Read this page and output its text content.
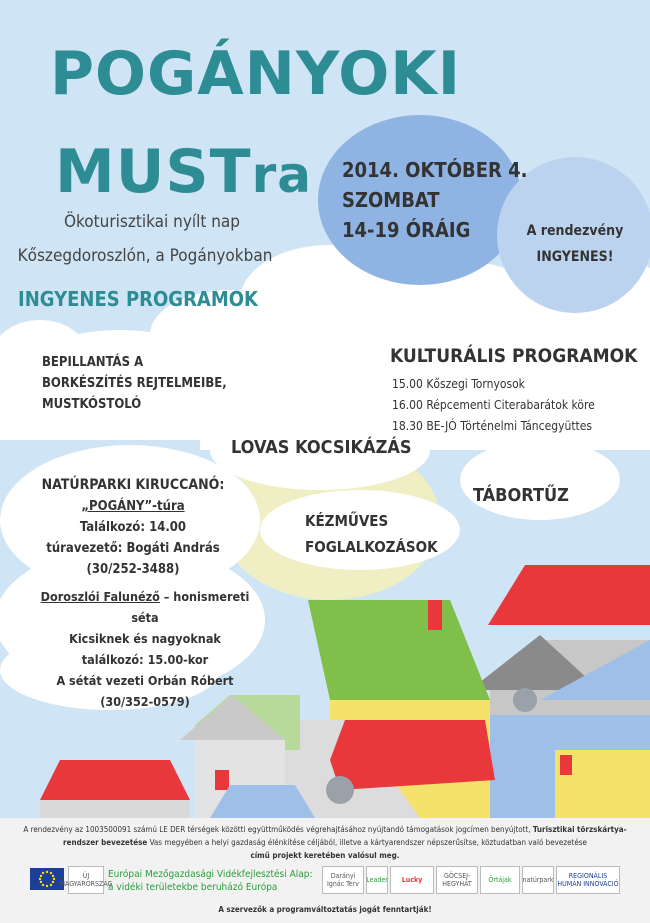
POGÁNYOKI
MUSTra
Ökoturisztikai nyílt nap
Kőszegdoroszlón, a Pogányokban
INGYENES PROGRAMOK
2014. OKTÓBER 4.
SZOMBAT
14-19 ÓRÁIG	A rendezvény
INGYENES!
BEPILLANTÁS A
BORKÉSZÍTÉS REJTELMEIBE,
MUSTKÓSTOLÓ
KULTURÁLIS PROGRAMOK
15.00 Kőszegi Tornyosok
16.00 Répcementi Citerabarátok köre
18.30 BE-JÓ Történelmi Táncegyüttes
LOVAS KOCSIKÁZÁS
TÁBORTŰZ
KÉZMŰVES
FOGLALKOZÁSOK
NATÚRPARKI KIRUCCANÓ:
„POGÁNY”-túra
Találkozó: 14.00
túravezető: Bogáti András
(30/252-3488)
Doroszlói Falunéző – honismereti séta
Kicsiknek és nagyoknak
találkozó: 15.00-kor
A sétát vezeti Orbán Róbert
(30/352-0579)
A rendezvény az 1003500091 számú LE DER térségek közötti együttműködés végrehajtásához nyújtandó támogatások jogcímen benyújtott, Turisztikai törzskártya-
rendszer bevezetése Vas megyében a helyi gazdaság élénkítése céljából, illetve a kártyarendszer népszerűsítse, köztudatban való bevezetése
című projekt keretében valósul meg.
ÚJ MAGYARORSZÁG
Európai Mezőgazdasági Vidékfejlesztési Alap:
a vidéki területekbe beruházó Európa
Darányi Ignác Terv	Leader Lucky	GÖCSEJ-HEGYHÁT	Őrtájak natúrpark	REGIONÁLIS HUMÁN INNOVÁCIÓ
A szervezők a programváltoztatás jogát fenntartják!
